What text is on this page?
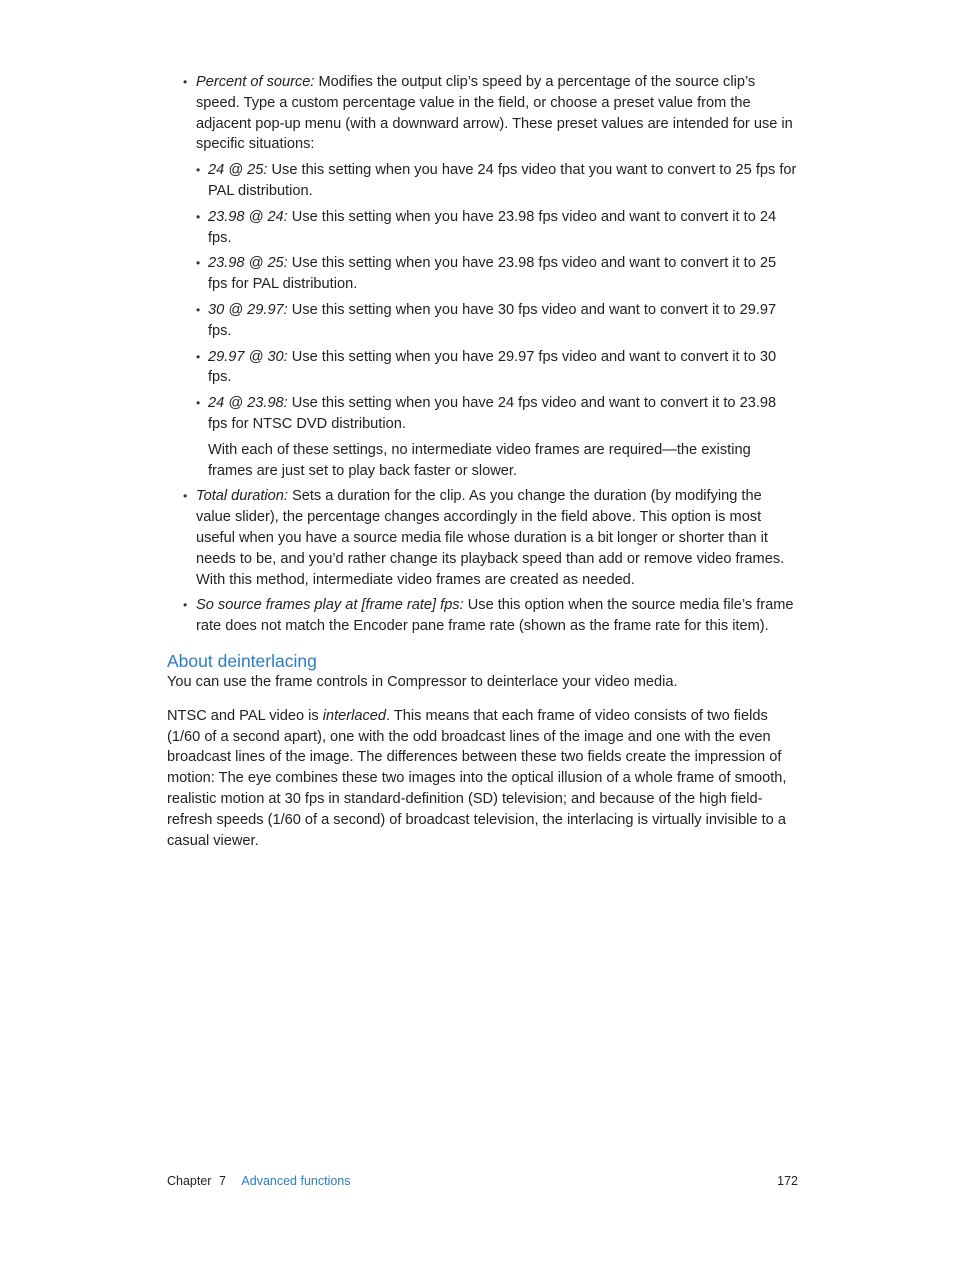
• Percent of source: Modifies the output clip’s speed by a percentage of the source clip’s speed. Type a custom percentage value in the field, or choose a preset value from the adjacent pop-up menu (with a downward arrow). These preset values are intended for use in specific situations:
• 24 @ 25: Use this setting when you have 24 fps video that you want to convert to 25 fps for PAL distribution.
• 23.98 @ 24: Use this setting when you have 23.98 fps video and want to convert it to 24 fps.
• 23.98 @ 25: Use this setting when you have 23.98 fps video and want to convert it to 25 fps for PAL distribution.
• 30 @ 29.97: Use this setting when you have 30 fps video and want to convert it to 29.97 fps.
• 29.97 @ 30: Use this setting when you have 29.97 fps video and want to convert it to 30 fps.
• 24 @ 23.98: Use this setting when you have 24 fps video and want to convert it to 23.98 fps for NTSC DVD distribution.

With each of these settings, no intermediate video frames are required—the existing frames are just set to play back faster or slower.

• Total duration: Sets a duration for the clip. As you change the duration (by modifying the value slider), the percentage changes accordingly in the field above. This option is most useful when you have a source media file whose duration is a bit longer or shorter than it needs to be, and you’d rather change its playback speed than add or remove video frames. With this method, intermediate video frames are created as needed.
• So source frames play at [frame rate] fps: Use this option when the source media file’s frame rate does not match the Encoder pane frame rate (shown as the frame rate for this item).
About deinterlacing

You can use the frame controls in Compressor to deinterlace your video media.

NTSC and PAL video is interlaced. This means that each frame of video consists of two fields (1/60 of a second apart), one with the odd broadcast lines of the image and one with the even broadcast lines of the image. The differences between these two fields create the impression of motion: The eye combines these two images into the optical illusion of a whole frame of smooth, realistic motion at 30 fps in standard-definition (SD) television; and because of the high field-refresh speeds (1/60 of a second) of broadcast television, the interlacing is virtually invisible to a casual viewer.

Chapter 7 Advanced functions	172
